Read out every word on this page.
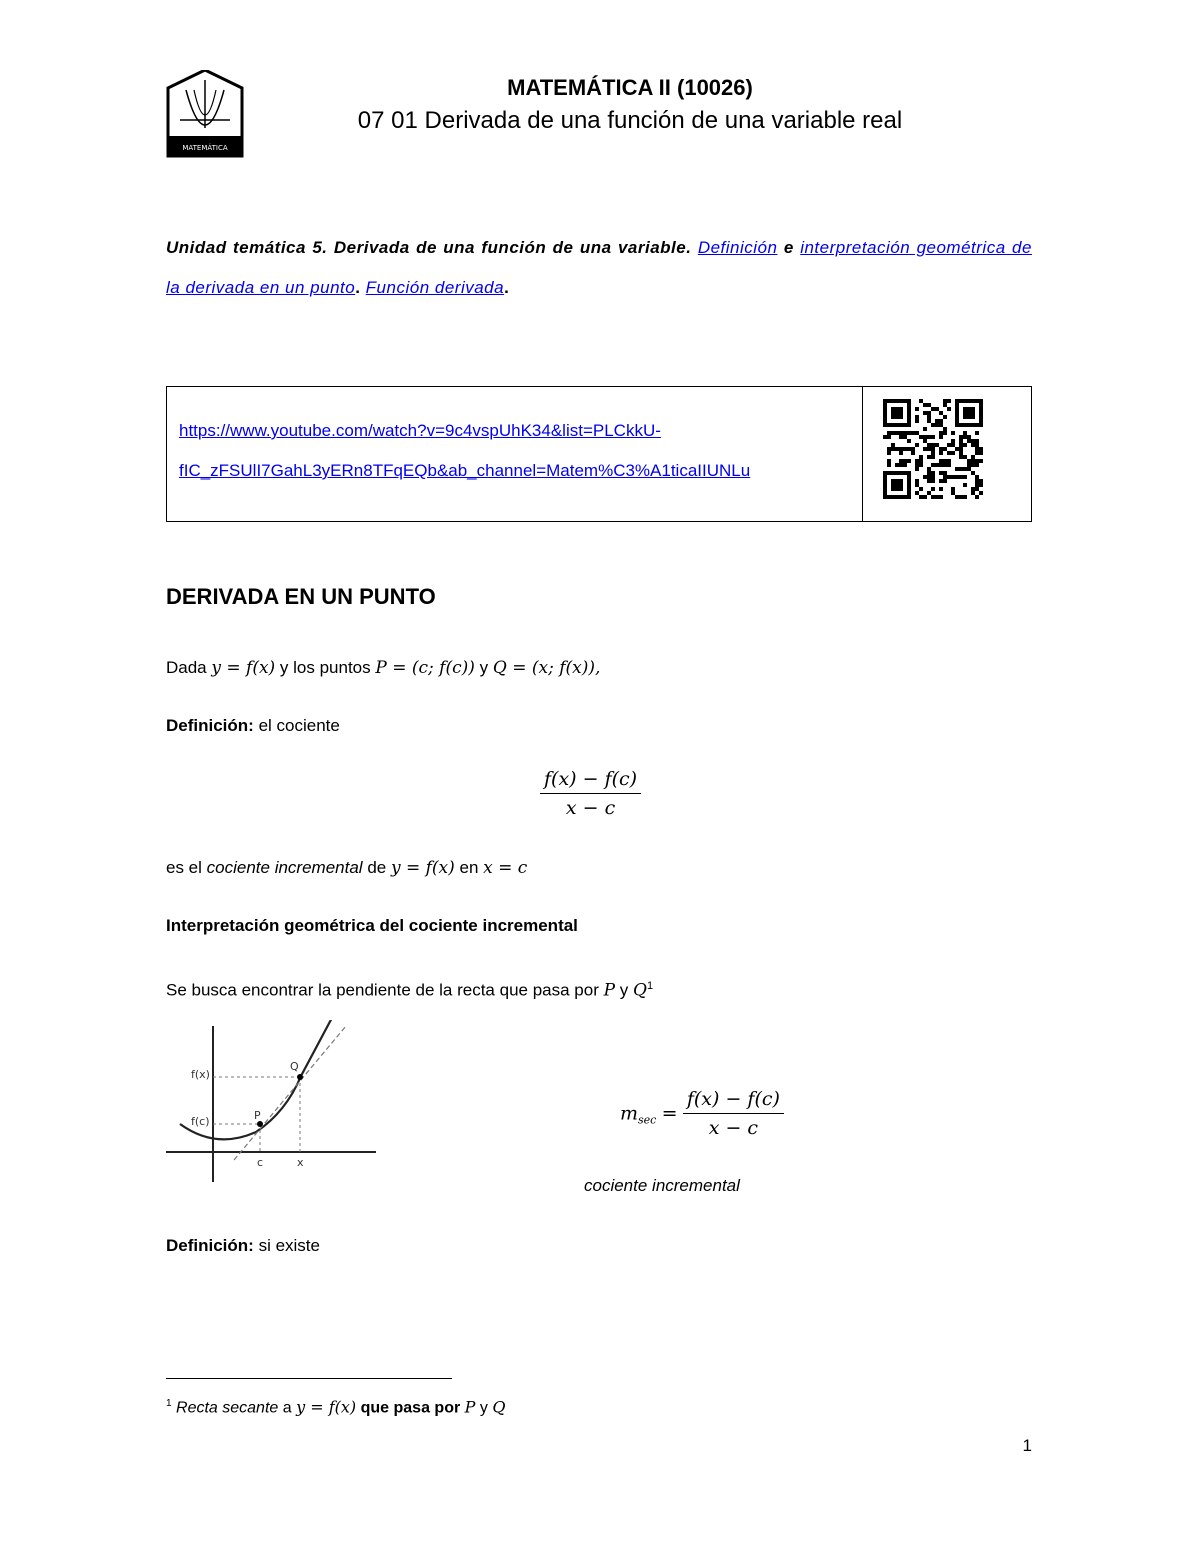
MATEMÁTICA
MATEMÁTICA II (10026)
07 01 Derivada de una función de una variable real
Unidad temática 5. Derivada de una función de una variable. Definición e interpretación geométrica de la derivada en un punto. Función derivada.
https://www.youtube.com/watch?v=9c4vspUhK34&list=PLCkkU-
fIC_zFSUlI7GahL3yERn8TFqEQb&ab_channel=Matem%C3%A1ticaIIUNLu
DERIVADA EN UN PUNTO
Dada y = f(x) y los puntos P = (c; f(c)) y Q = (x; f(x)),
Definición: el cociente
$\frac{f(x) - f(c)}{x - c}$
es el cociente incremental de y = f(x) en x = c
Interpretación geométrica del cociente incremental
Se busca encontrar la pendiente de la recta que pasa por P y $Q^1$
f(x)
f(c)	P
Q
c	x
$m_{sec} = \frac{f(x) - f(c)}{x - c}$
cociente incremental
Definición: si existe
$^1$ Recta secante a y = f(x) que pasa por P y Q
1
